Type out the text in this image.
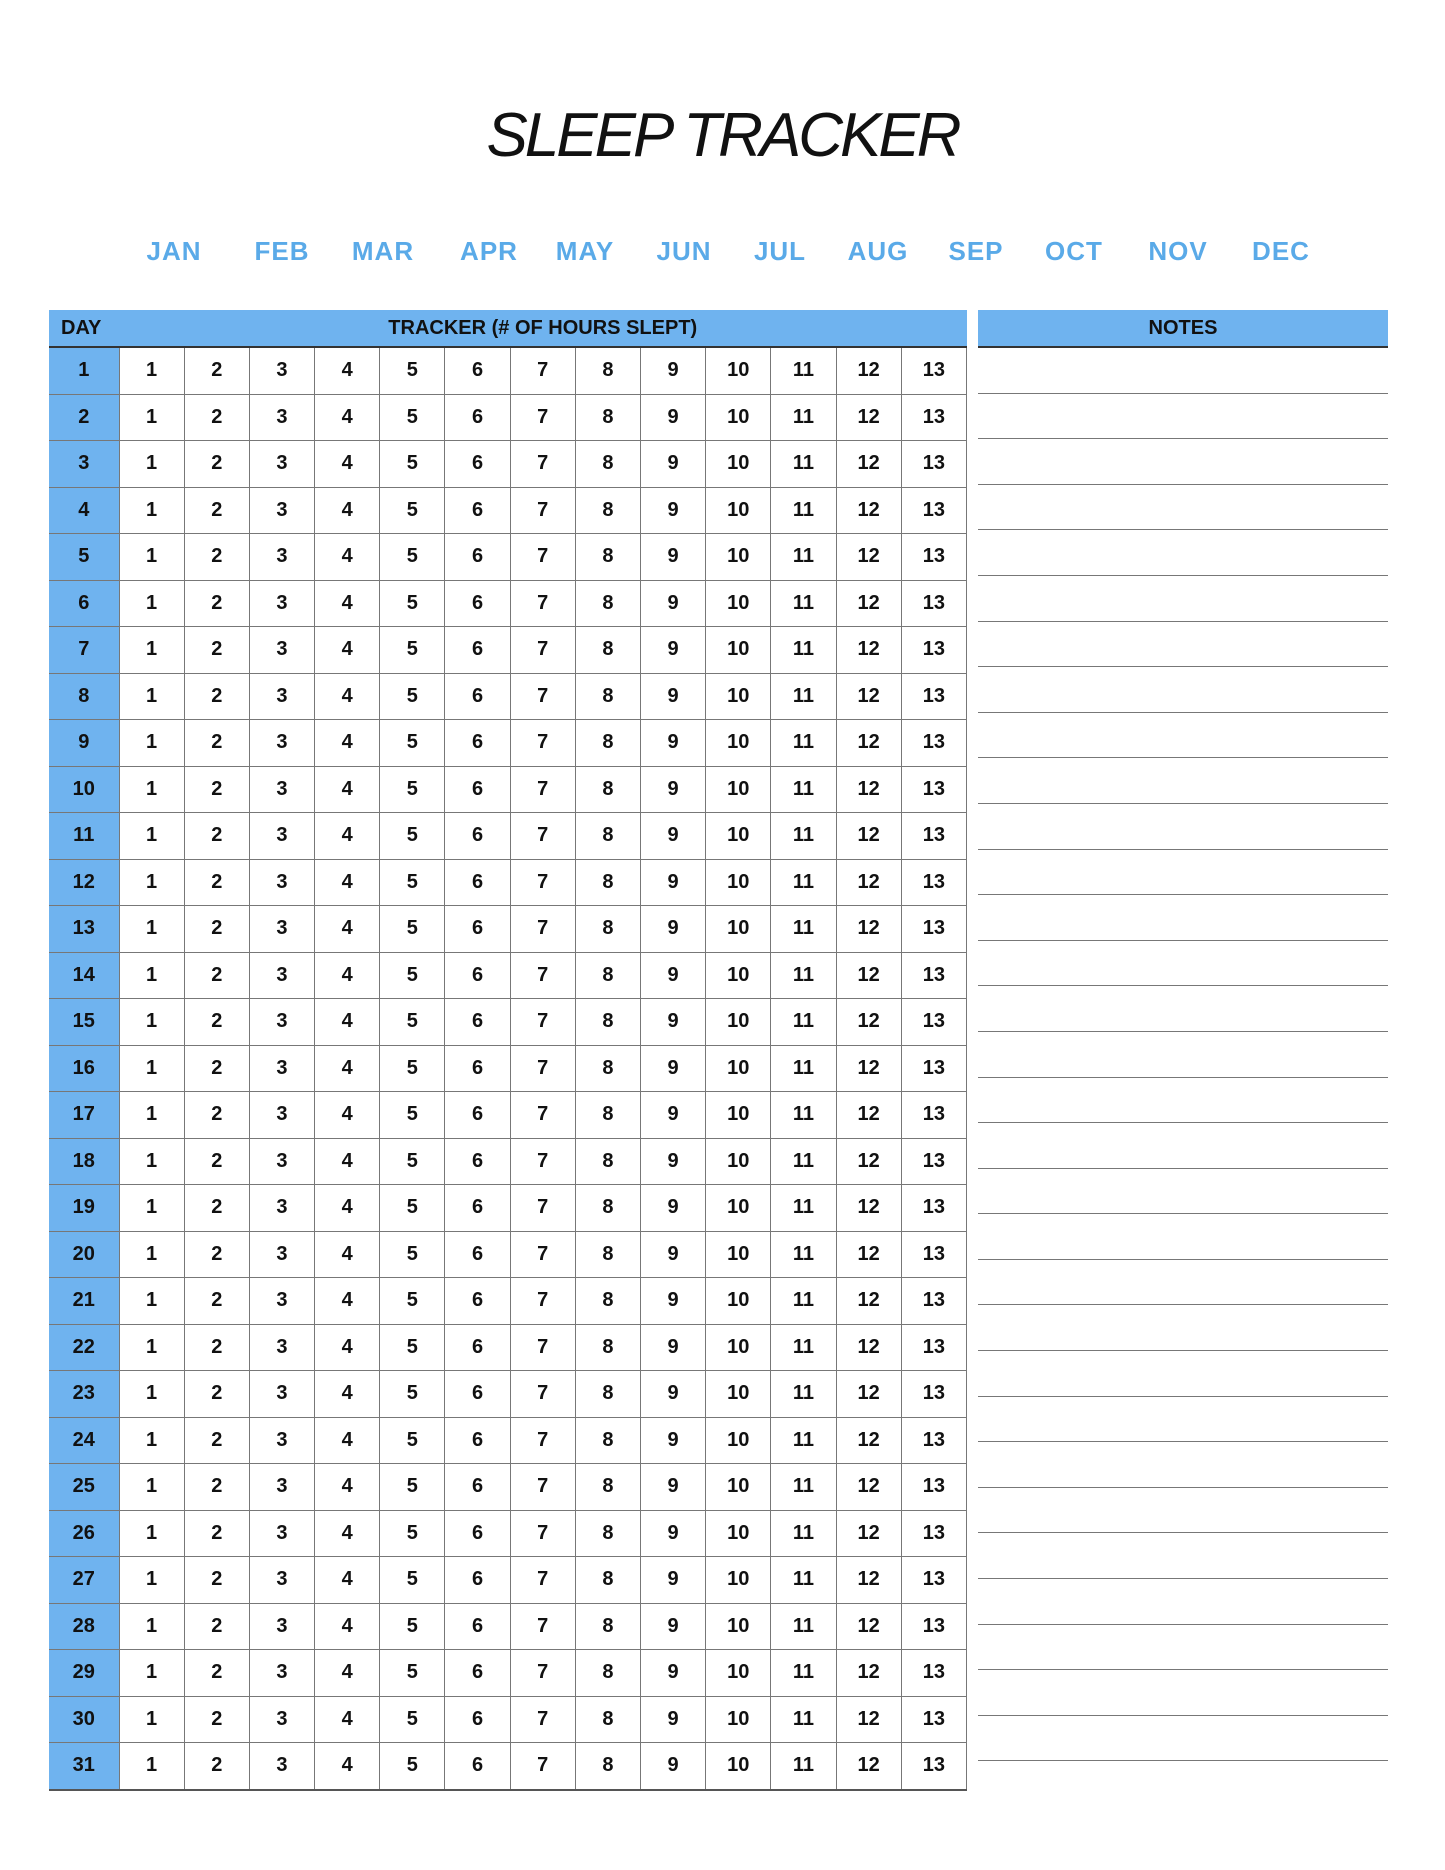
SLEEP TRACKER
JAN FEB MAR APR MAY JUN JUL AUG SEP OCT NOV DEC
DAY	TRACKER (# OF HOURS SLEPT)												
1	1	2	3	4	5	6	7	8	9	10	11	12	13
2	1	2	3	4	5	6	7	8	9	10	11	12	13
3	1	2	3	4	5	6	7	8	9	10	11	12	13
4	1	2	3	4	5	6	7	8	9	10	11	12	13
5	1	2	3	4	5	6	7	8	9	10	11	12	13
6	1	2	3	4	5	6	7	8	9	10	11	12	13
7	1	2	3	4	5	6	7	8	9	10	11	12	13
8	1	2	3	4	5	6	7	8	9	10	11	12	13
9	1	2	3	4	5	6	7	8	9	10	11	12	13
10	1	2	3	4	5	6	7	8	9	10	11	12	13
11	1	2	3	4	5	6	7	8	9	10	11	12	13
12	1	2	3	4	5	6	7	8	9	10	11	12	13
13	1	2	3	4	5	6	7	8	9	10	11	12	13
14	1	2	3	4	5	6	7	8	9	10	11	12	13
15	1	2	3	4	5	6	7	8	9	10	11	12	13
16	1	2	3	4	5	6	7	8	9	10	11	12	13
17	1	2	3	4	5	6	7	8	9	10	11	12	13
18	1	2	3	4	5	6	7	8	9	10	11	12	13
19	1	2	3	4	5	6	7	8	9	10	11	12	13
20	1	2	3	4	5	6	7	8	9	10	11	12	13
21	1	2	3	4	5	6	7	8	9	10	11	12	13
22	1	2	3	4	5	6	7	8	9	10	11	12	13
23	1	2	3	4	5	6	7	8	9	10	11	12	13
24	1	2	3	4	5	6	7	8	9	10	11	12	13
25	1	2	3	4	5	6	7	8	9	10	11	12	13
26	1	2	3	4	5	6	7	8	9	10	11	12	13
27	1	2	3	4	5	6	7	8	9	10	11	12	13
28	1	2	3	4	5	6	7	8	9	10	11	12	13
29	1	2	3	4	5	6	7	8	9	10	11	12	13
30	1	2	3	4	5	6	7	8	9	10	11	12	13
31	1	2	3	4	5	6	7	8	9	10	11	12	13
NOTES
